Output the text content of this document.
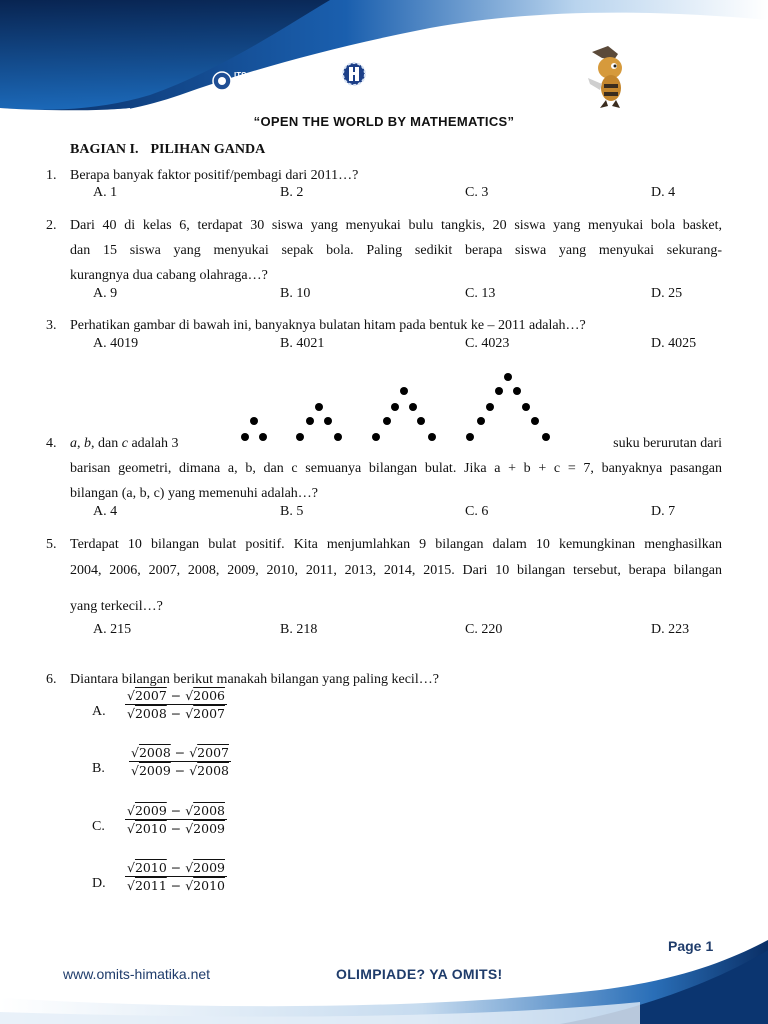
ITS
“OPEN THE WORLD BY MATHEMATICS”
BAGIAN I. PILIHAN GANDA
1. Berapa banyak faktor positif/pembagi dari 2011…?
A. 1	B. 2	C. 3	D. 4
2. Dari 40 di kelas 6, terdapat 30 siswa yang menyukai bulu tangkis, 20 siswa yang menyukai bola basket,
dan 15 siswa yang menyukai sepak bola. Paling sedikit berapa siswa yang menyukai sekurang-
kurangnya dua cabang olahraga…?
A. 9	B. 10	C. 13	D. 25
3. Perhatikan gambar di bawah ini, banyaknya bulatan hitam pada bentuk ke – 2011 adalah…?
A. 4019	B. 4021	C. 4023	D. 4025
4. a, b, dan c adalah 3	suku berurutan dari
barisan geometri, dimana a, b, dan c semuanya bilangan bulat. Jika a + b + c = 7, banyaknya pasangan
bilangan (a, b, c) yang memenuhi adalah…?
A. 4	B. 5	C. 6	D. 7
5. Terdapat 10 bilangan bulat positif. Kita menjumlahkan 9 bilangan dalam 10 kemungkinan menghasilkan
2004, 2006, 2007, 2008, 2009, 2010, 2011, 2013, 2014, 2015. Dari 10 bilangan tersebut, berapa bilangan
yang terkecil…?
A. 215	B. 218	C. 220	D. 223
6. Diantara bilangan berikut manakah bilangan yang paling kecil…?
A. $\frac{√2007 - √2006}{√2008 - √2007}$
B. $\frac{√2008 - √2007}{√2009 - √2008}$
C. $\frac{√2009 - √2008}{√2010 - √2009}$
D. $\frac{√2010 - √2009}{√2011 - √2010}$
Page 1
www.omits-himatika.net	OLIMPIADE? YA OMITS!
